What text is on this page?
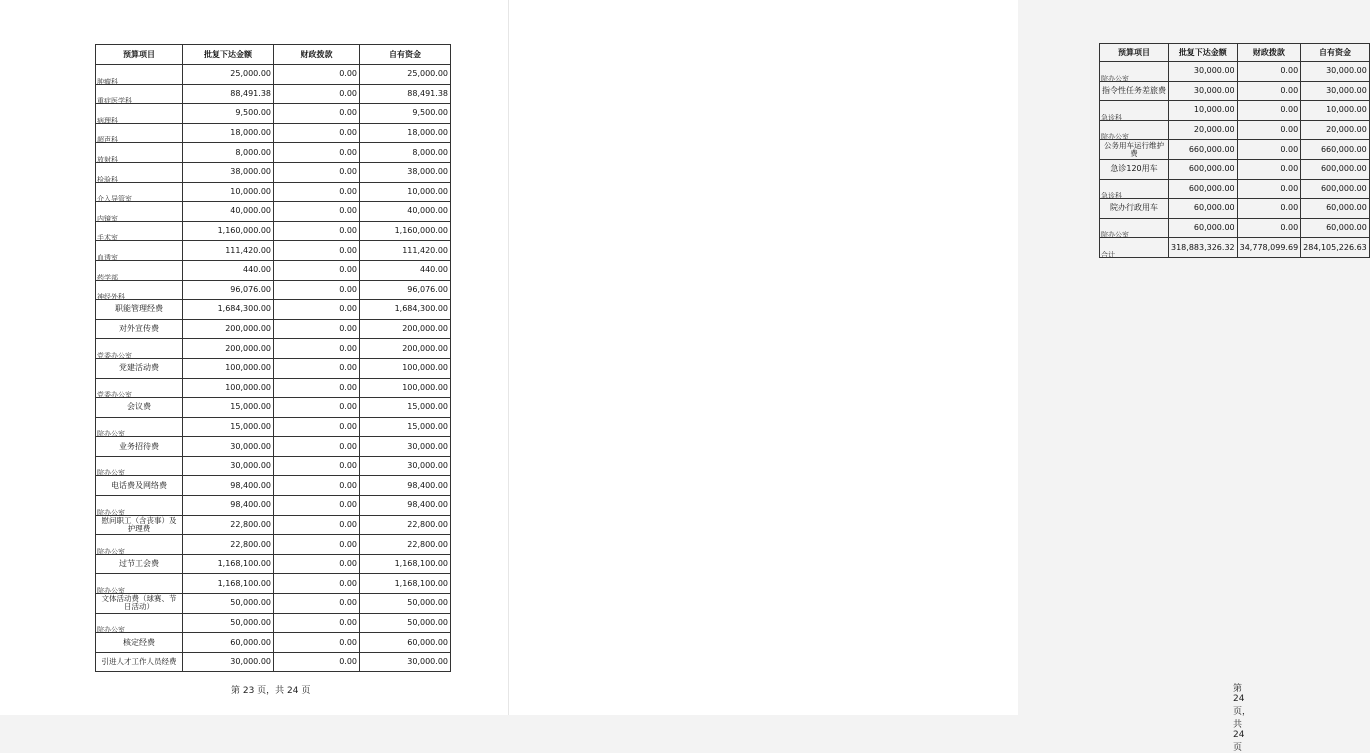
预算项目	批复下达金额	财政拨款	自有资金

肿瘤科	25,000.00	0.00	25,000.00

重症医学科	88,491.38	0.00	88,491.38

病理科	9,500.00	0.00	9,500.00

超声科	18,000.00	0.00	18,000.00

放射科	8,000.00	0.00	8,000.00

检验科	38,000.00	0.00	38,000.00

介入导管室	10,000.00	0.00	10,000.00

内镜室	40,000.00	0.00	40,000.00

手术室	1,160,000.00	0.00	1,160,000.00

血透室	111,420.00	0.00	111,420.00

药学部	440.00	0.00	440.00

神经外科	96,076.00	0.00	96,076.00

职能管理经费	1,684,300.00	0.00	1,684,300.00

对外宣传费	200,000.00	0.00	200,000.00

党委办公室	200,000.00	0.00	200,000.00

党建活动费	100,000.00	0.00	100,000.00

党委办公室	100,000.00	0.00	100,000.00

会议费	15,000.00	0.00	15,000.00

院办公室	15,000.00	0.00	15,000.00

业务招待费	30,000.00	0.00	30,000.00

院办公室	30,000.00	0.00	30,000.00

电话费及网络费	98,400.00	0.00	98,400.00

院办公室	98,400.00	0.00	98,400.00

慰问职工（含丧事）及护理费	22,800.00	0.00	22,800.00

院办公室	22,800.00	0.00	22,800.00

过节工会费	1,168,100.00	0.00	1,168,100.00

院办公室	1,168,100.00	0.00	1,168,100.00

文体活动费（球赛、节日活动）	50,000.00	0.00	50,000.00

院办公室	50,000.00	0.00	50,000.00

核定经费	60,000.00	0.00	60,000.00

引进人才工作人员经费	30,000.00	0.00	30,000.00
第 23 页，共 24 页
预算项目	批复下达金额	财政拨款	自有资金

院办公室	30,000.00	0.00	30,000.00

指令性任务差旅费	30,000.00	0.00	30,000.00

急诊科	10,000.00	0.00	10,000.00

院办公室	20,000.00	0.00	20,000.00

公务用车运行维护费	660,000.00	0.00	660,000.00

急诊120用车	600,000.00	0.00	600,000.00

急诊科	600,000.00	0.00	600,000.00

院办行政用车	60,000.00	0.00	60,000.00

院办公室	60,000.00	0.00	60,000.00

合计	318,883,326.32	34,778,099.69	284,105,226.63
第 24 页，共 24 页
